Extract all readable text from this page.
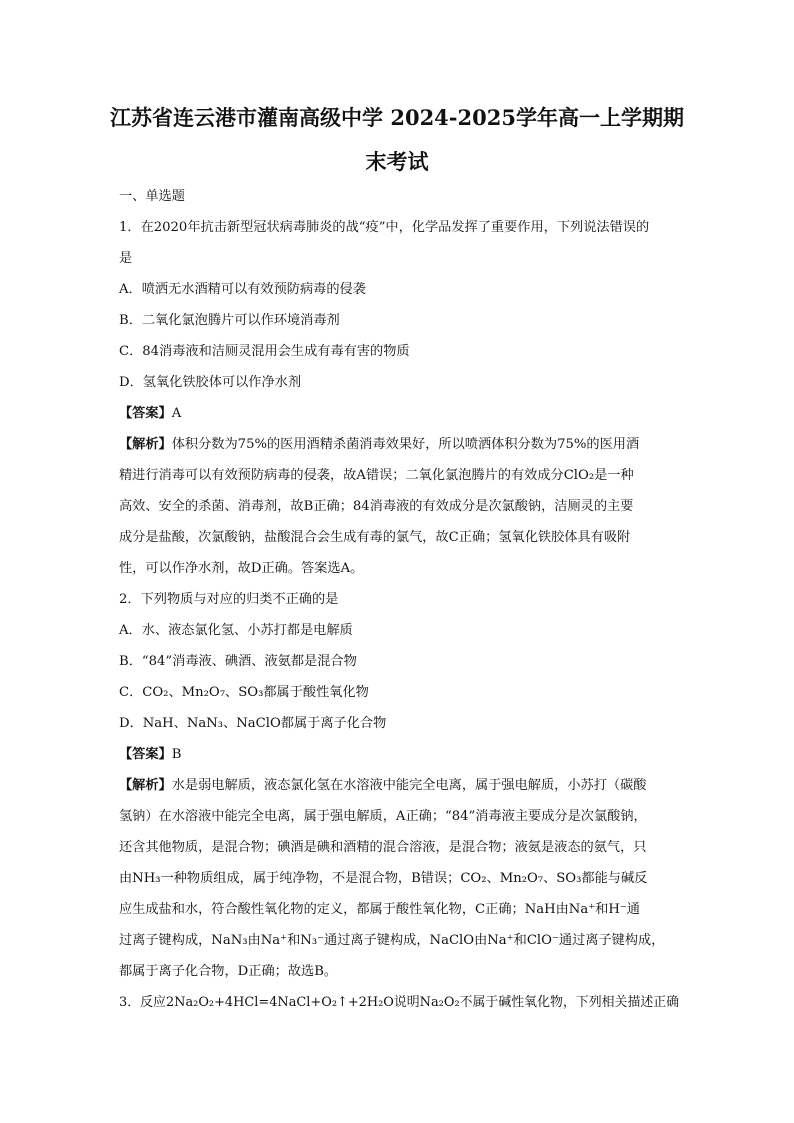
江苏省连云港市灌南高级中学 2024-2025学年高一上学期期
末考试
一、单选题
1．在2020年抗击新型冠状病毒肺炎的战“疫”中，化学品发挥了重要作用，下列说法错误的
是
A．喷洒无水酒精可以有效预防病毒的侵袭
B．二氧化氯泡腾片可以作环境消毒剂
C．84消毒液和洁厕灵混用会生成有毒有害的物质
D．氢氧化铁胶体可以作净水剂
【答案】A
【解析】体积分数为75%的医用酒精杀菌消毒效果好，所以喷洒体积分数为75%的医用酒
精进行消毒可以有效预防病毒的侵袭，故A错误；二氧化氯泡腾片的有效成分ClO₂是一种
高效、安全的杀菌、消毒剂，故B正确；84消毒液的有效成分是次氯酸钠，洁厕灵的主要
成分是盐酸，次氯酸钠，盐酸混合会生成有毒的氯气，故C正确；氢氧化铁胶体具有吸附
性，可以作净水剂，故D正确。答案选A。
2．下列物质与对应的归类不正确的是
A．水、液态氯化氢、小苏打都是电解质
B．“84”消毒液、碘酒、液氨都是混合物
C．CO₂、Mn₂O₇、SO₃都属于酸性氧化物
D．NaH、NaN₃、NaClO都属于离子化合物
【答案】B
【解析】水是弱电解质，液态氯化氢在水溶液中能完全电离，属于强电解质，小苏打（碳酸
氢钠）在水溶液中能完全电离，属于强电解质，A正确；“84”消毒液主要成分是次氯酸钠，
还含其他物质，是混合物；碘酒是碘和酒精的混合溶液，是混合物；液氨是液态的氨气，只
由NH₃一种物质组成，属于纯净物，不是混合物，B错误；CO₂、Mn₂O₇、SO₃都能与碱反
应生成盐和水，符合酸性氧化物的定义，都属于酸性氧化物，C正确；NaH由Na⁺和H⁻通
过离子键构成，NaN₃由Na⁺和N₃⁻通过离子键构成，NaClO由Na⁺和ClO⁻通过离子键构成，
都属于离子化合物，D正确；故选B。
3．反应2Na₂O₂+4HCl=4NaCl+O₂↑+2H₂O说明Na₂O₂不属于碱性氧化物，下列相关描述正确
